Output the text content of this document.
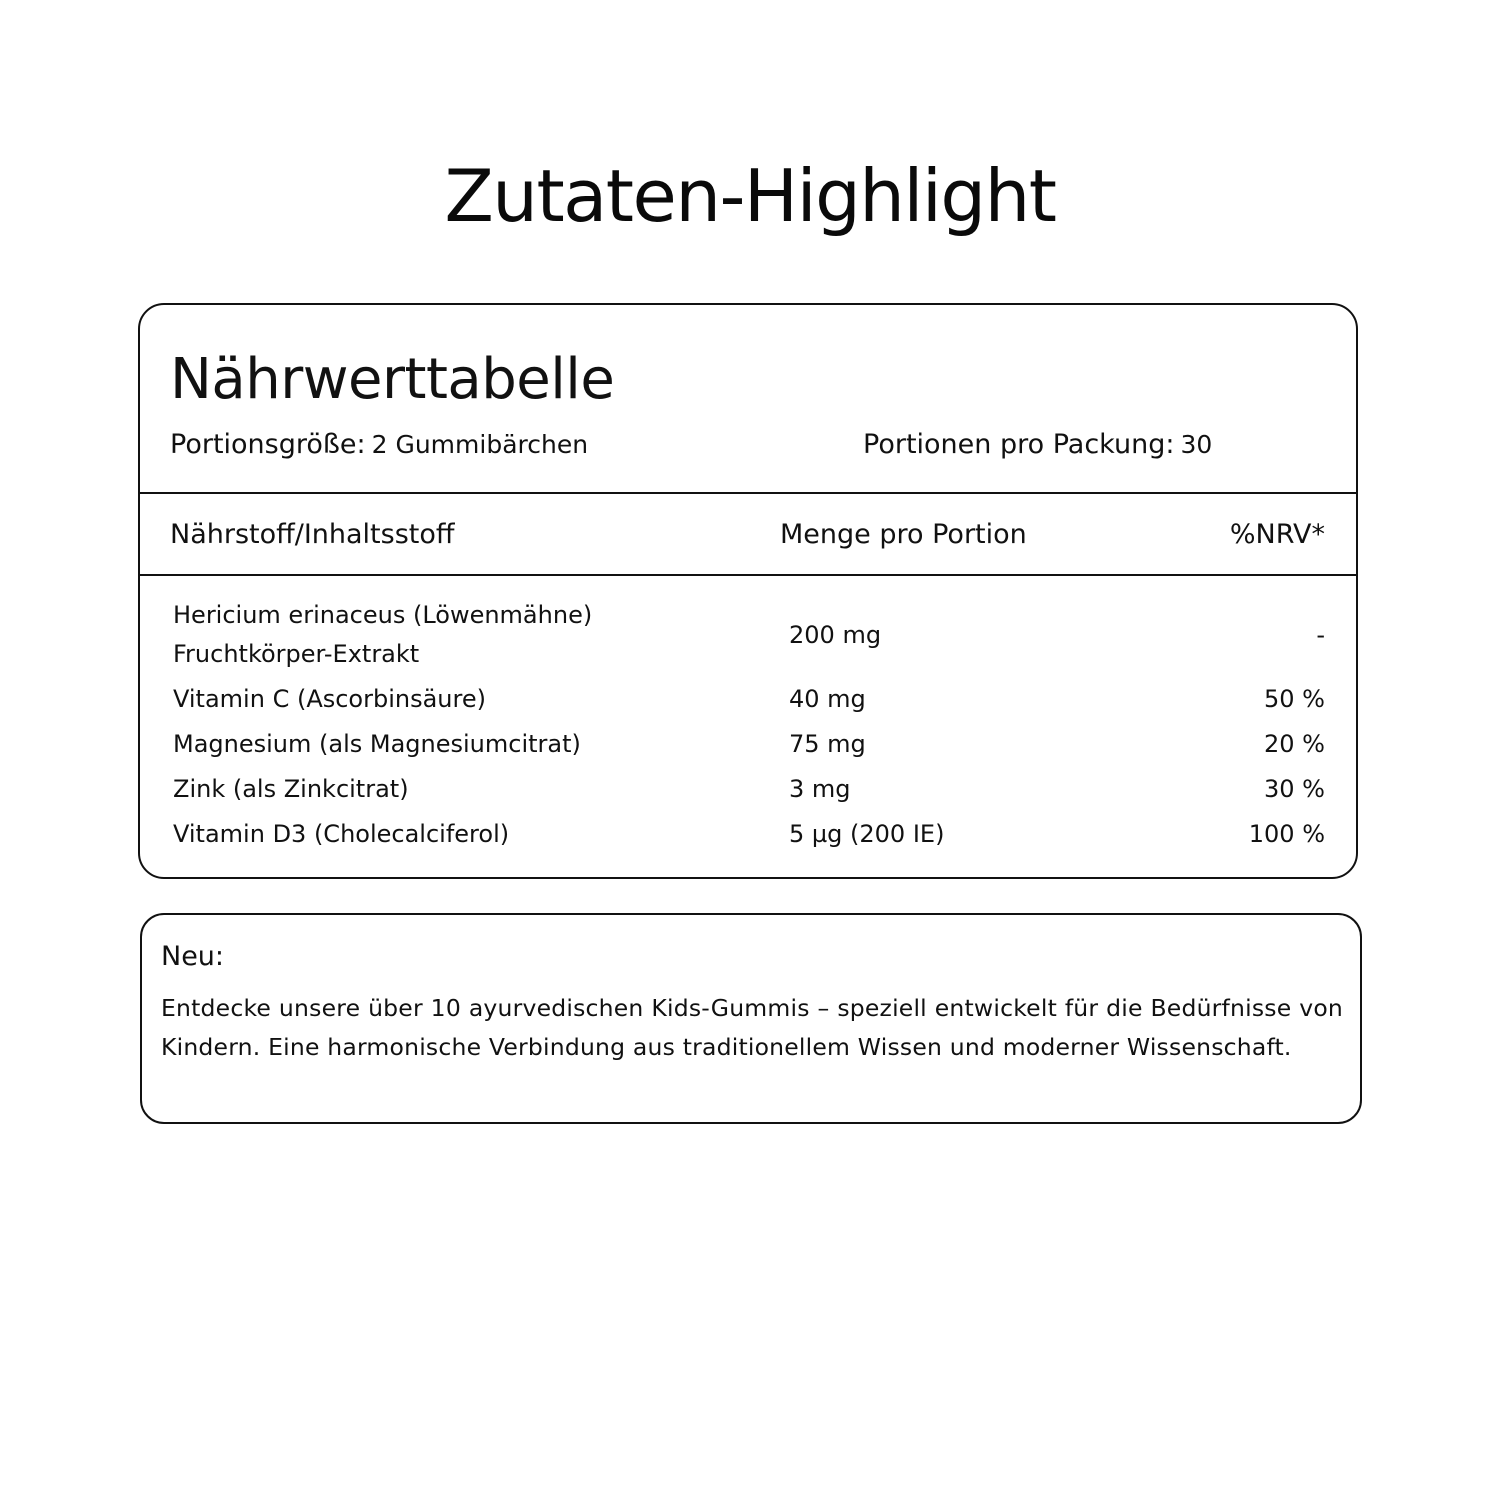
Zutaten-Highlight
Nährwerttabelle
Portionsgröße: 2 Gummibärchen	Portionen pro Packung: 30
Nährstoff/Inhaltsstoff	Menge pro Portion	%NRV*
Hericium erinaceus (Löwenmähne)
Fruchtkörper-Extrakt
200 mg	-
Vitamin C (Ascorbinsäure)	40 mg	50 %
Magnesium (als Magnesiumcitrat)	75 mg	20 %
Zink (als Zinkcitrat)	3 mg	30 %
Vitamin D3 (Cholecalciferol)	5 µg (200 IE)	100 %
Neu:

Entdecke unsere über 10 ayurvedischen Kids-Gummis – speziell entwickelt für die Bedürfnisse von Kindern. Eine harmonische Verbindung aus traditionellem Wissen und moderner Wissenschaft.
